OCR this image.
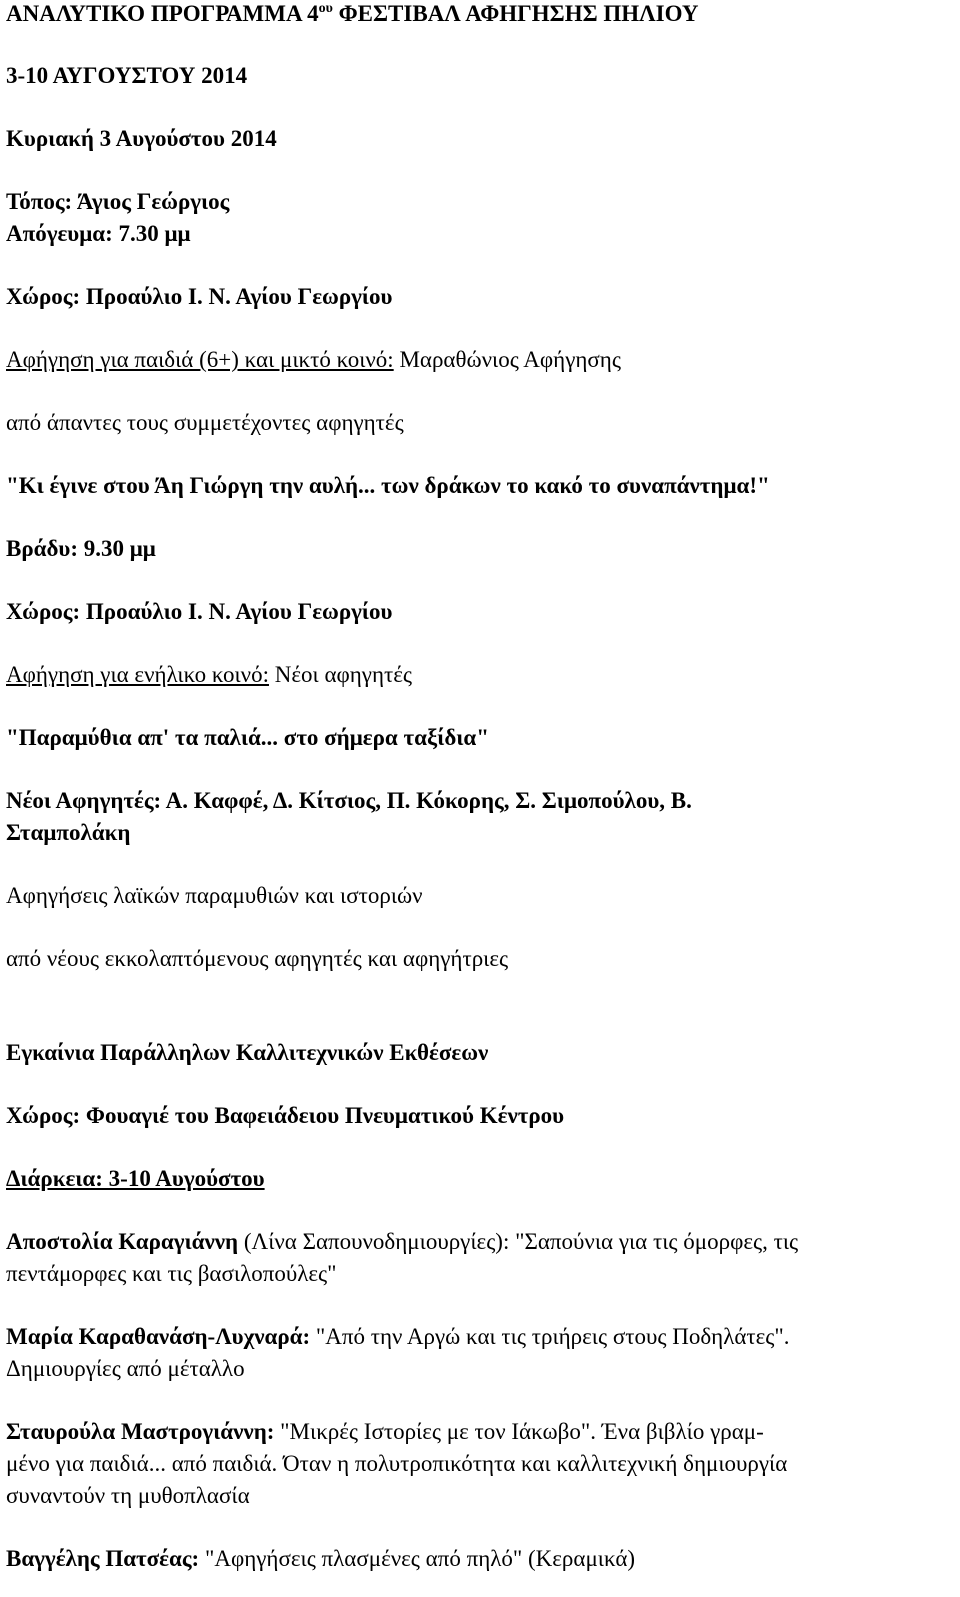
ΑΝΑΛΥΤΙΚΟ ΠΡΟΓΡΑΜΜΑ $4^{o\upsilon}$ ΦΕΣΤΙΒΑΛ ΑΦΗΓΗΣΗΣ ΠΗΛΙΟΥ
3-10 ΑΥΓΟΥΣΤΟΥ 2014
Κυριακή 3 Αυγούστου 2014
Τόπος: Άγιος Γεώργιος
Απόγευμα: 7.30 μμ
Χώρος: Προαύλιο Ι. Ν. Αγίου Γεωργίου
Αφήγηση για παιδιά (6+) και μικτό κοινό: Μαραθώνιος Αφήγησης
από άπαντες τους συμμετέχοντες αφηγητές
"Κι έγινε στου Άη Γιώργη την αυλή... των δράκων το κακό το συναπάντημα!"
Βράδυ: 9.30 μμ
Χώρος: Προαύλιο Ι. Ν. Αγίου Γεωργίου
Αφήγηση για ενήλικο κοινό: Νέοι αφηγητές
"Παραμύθια απ' τα παλιά... στο σήμερα ταξίδια"
Νέοι Αφηγητές: Α. Καφφέ, Δ. Κίτσιος, Π. Κόκορης, Σ. Σιμοπούλου, Β.
Σταμπολάκη
Αφηγήσεις λαϊκών παραμυθιών και ιστοριών
από νέους εκκολαπτόμενους αφηγητές και αφηγήτριες
Εγκαίνια Παράλληλων Καλλιτεχνικών Εκθέσεων
Χώρος: Φουαγιέ του Βαφειάδειου Πνευματικού Κέντρου
Διάρκεια: 3-10 Αυγούστου
Αποστολία Καραγιάννη (Λίνα Σαπουνοδημιουργίες): "Σαπούνια για τις όμορφες, τις
πεντάμορφες και τις βασιλοπούλες"
Μαρία Καραθανάση-Λυχναρά: "Από την Αργώ και τις τριήρεις στους Ποδηλάτες".
Δημιουργίες από μέταλλο
Σταυρούλα Μαστρογιάννη: "Μικρές Ιστορίες με τον Ιάκωβο". Ένα βιβλίο γραμ-
μένο για παιδιά... από παιδιά. Όταν η πολυτροπικότητα και καλλιτεχνική δημιουργία
συναντούν τη μυθοπλασία
Βαγγέλης Πατσέας: "Αφηγήσεις πλασμένες από πηλό" (Κεραμικά)
